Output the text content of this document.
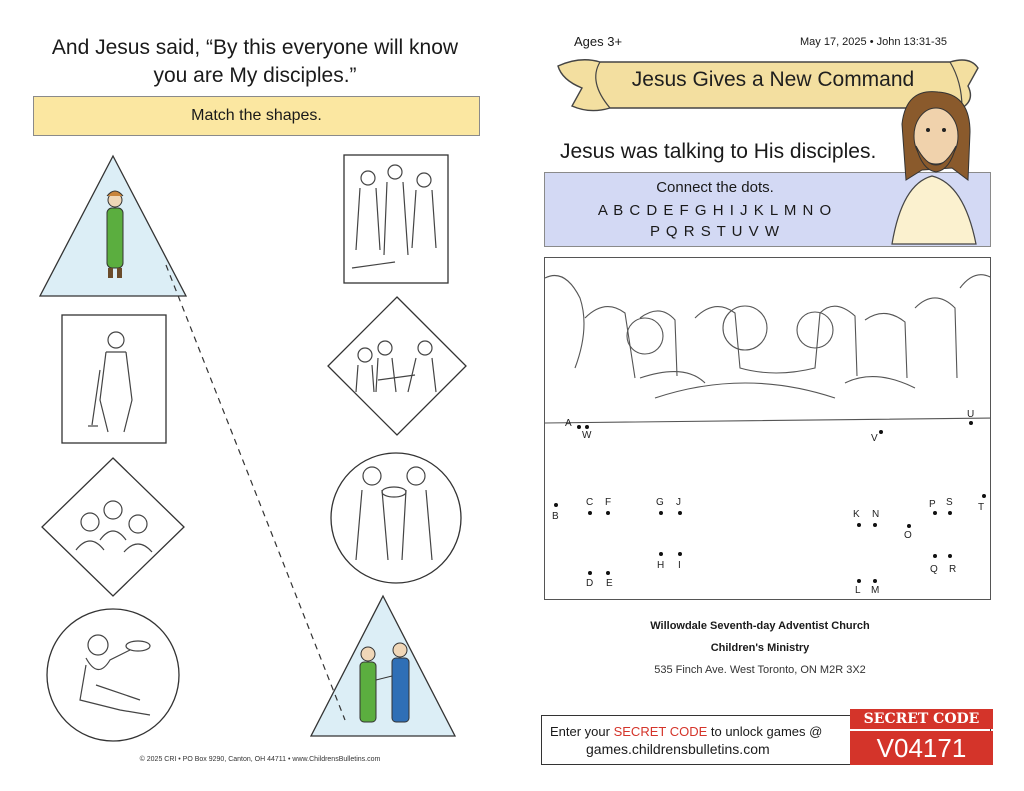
And Jesus said, “By this everyone will know you are My disciples.”
Match the shapes.
© 2025 CRI • PO Box 9290, Canton, OH 44711 • www.ChildrensBulletins.com
Ages 3+	May 17, 2025 • John 13:31-35
Jesus Gives a New Command
Jesus was talking to His disciples.
Connect the dots.
A B C D E F G H I J K L M N O
P Q R S T U V W
A
W
B
C F
D E
G J
H I
V
K N
L M
O
P S
Q R
T
U
Willowdale Seventh-day Adventist Church
Children's Ministry
535 Finch Ave. West Toronto, ON M2R 3X2
Enter your SECRET CODE to unlock games @
games.childrensbulletins.com
SECRET CODE
V04171
